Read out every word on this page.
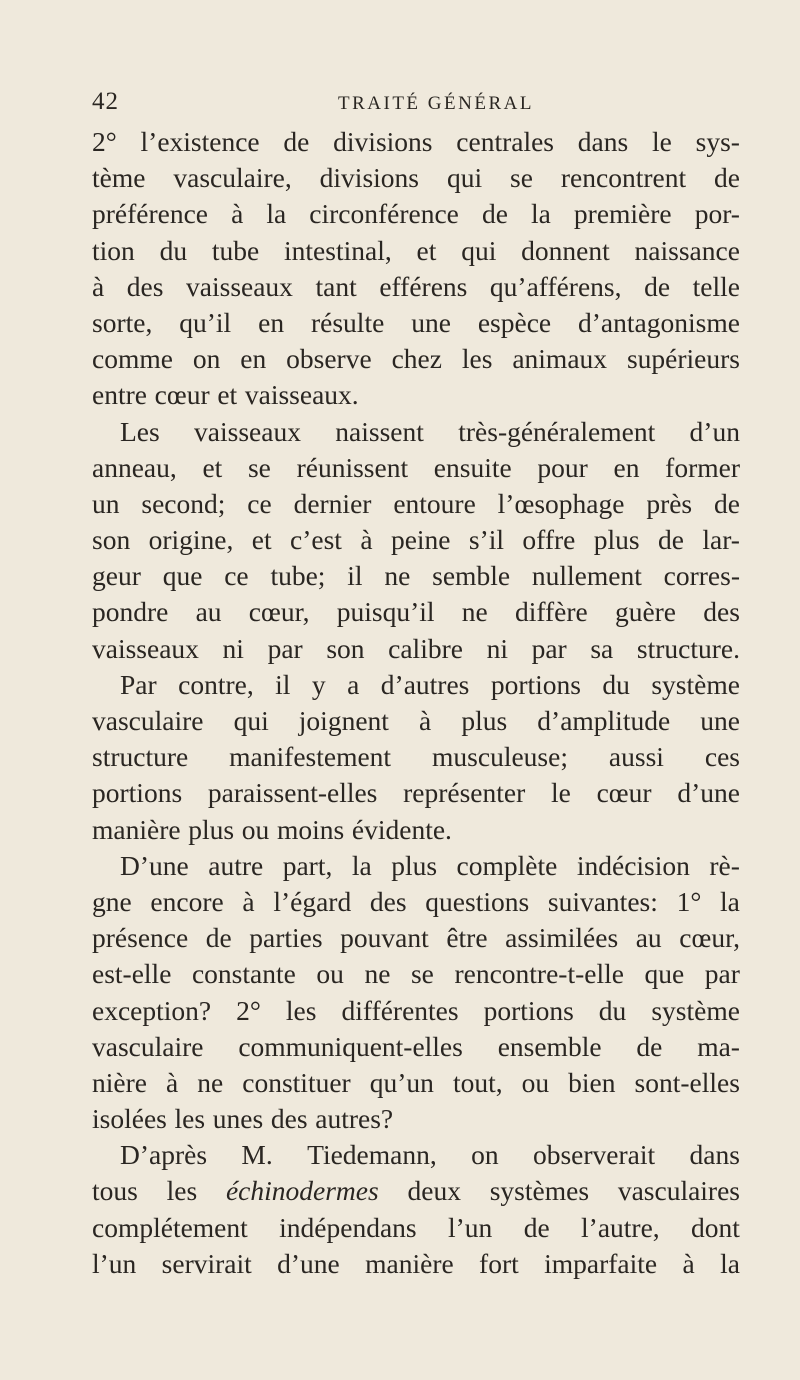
42	TRAITÉ GÉNÉRAL
2° l’existence de divisions centrales dans le sys-
tème vasculaire, divisions qui se rencontrent de
préférence à la circonférence de la première por-
tion du tube intestinal, et qui donnent naissance
à des vaisseaux tant efférens qu’afférens, de telle
sorte, qu’il en résulte une espèce d’antagonisme
comme on en observe chez les animaux supérieurs
entre cœur et vaisseaux.
Les vaisseaux naissent très-généralement d’un
anneau, et se réunissent ensuite pour en former
un second; ce dernier entoure l’œsophage près de
son origine, et c’est à peine s’il offre plus de lar-
geur que ce tube; il ne semble nullement corres-
pondre au cœur, puisqu’il ne diffère guère des
vaisseaux ni par son calibre ni par sa structure.
Par contre, il y a d’autres portions du système
vasculaire qui joignent à plus d’amplitude une
structure manifestement musculeuse; aussi ces
portions paraissent-elles représenter le cœur d’une
manière plus ou moins évidente.
D’une autre part, la plus complète indécision rè-
gne encore à l’égard des questions suivantes: 1° la
présence de parties pouvant être assimilées au cœur,
est-elle constante ou ne se rencontre-t-elle que par
exception? 2° les différentes portions du système
vasculaire communiquent-elles ensemble de ma-
nière à ne constituer qu’un tout, ou bien sont-elles
isolées les unes des autres?
D’après M. Tiedemann, on observerait dans
tous les échinodermes deux systèmes vasculaires
complétement indépendans l’un de l’autre, dont
l’un servirait d’une manière fort imparfaite à la
